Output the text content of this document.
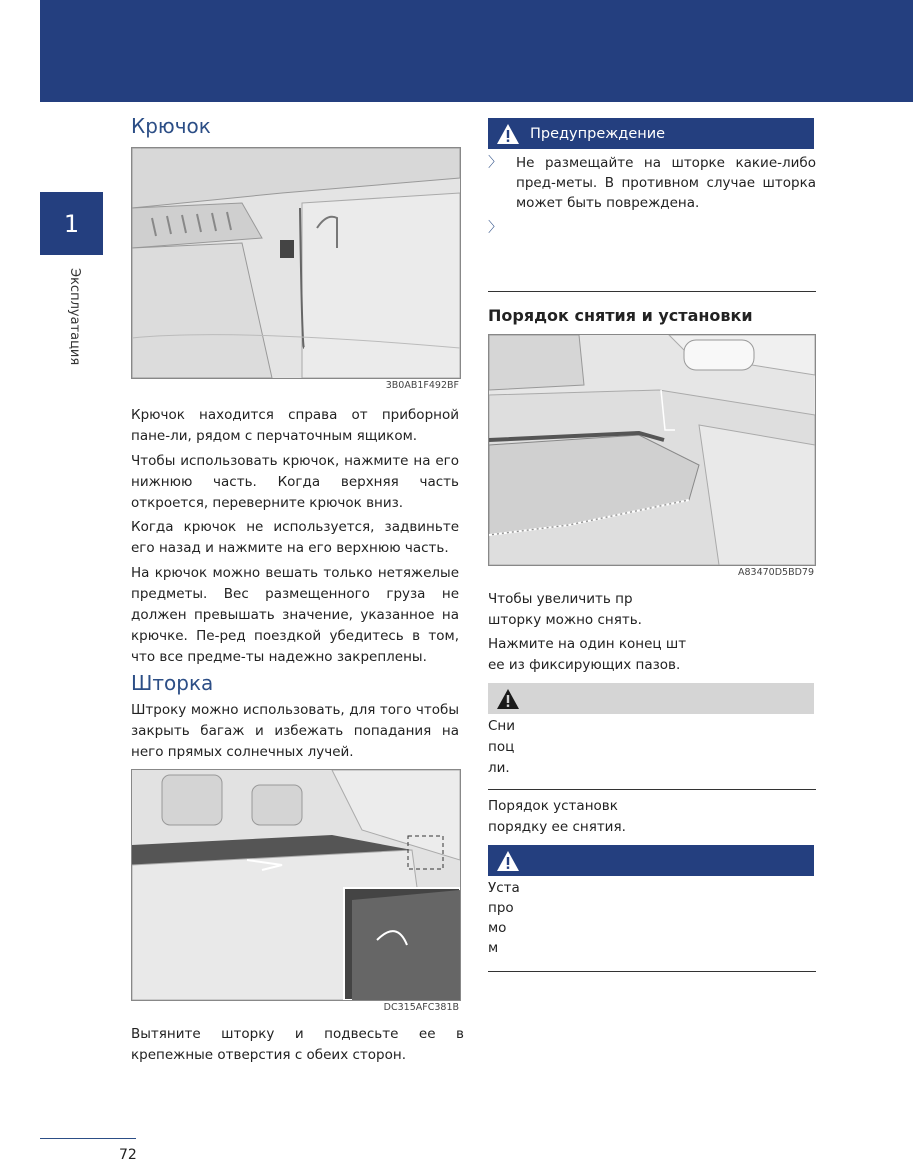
1
Эксплуатация
Крючок
3B0AB1F492BF

Крючок находится справа от приборной пане-ли, рядом с перчаточным ящиком.

Чтобы использовать крючок, нажмите на его нижнюю часть. Когда верхняя часть откроется, переверните крючок вниз.

Когда крючок не используется, задвиньте его назад и нажмите на его верхнюю часть.

На крючок можно вешать только нетяжелые предметы. Вес размещенного груза не должен превышать значение, указанное на крючке. Пе-ред поездкой убедитесь в том, что все предме-ты надежно закреплены.

Шторка

Штроку можно использовать, для того чтобы закрыть багаж и избежать попадания на него прямых солнечных лучей.

DC315AFC381B

Вытяните шторку и подвесьте ее в крепежные отверстия с обеих сторон.

Предупреждение
〉 Не размещайте на шторке какие-либо пред-меты. В противном случае шторка может быть повреждена.
〉
Порядок снятия и установки
A83470D5BD79
Чтобы увеличить пр
шторку можно снять.
Нажмите на один конец шт
ее из фиксирующих пазов.
Сни
поц
ли.
Порядок установк
порядку ее снятия.
Уста
про
мо
м
72
